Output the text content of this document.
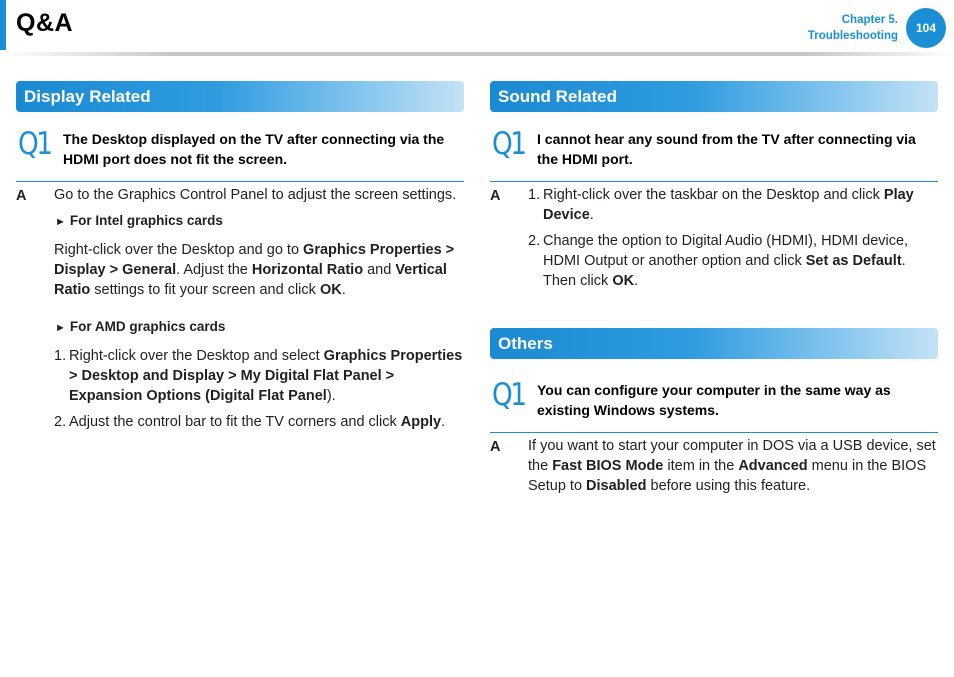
Q&A	Chapter 5.
Troubleshooting
104
Display Related
Q1 The Desktop displayed on the TV after connecting via the HDMI port does not fit the screen.
A Go to the Graphics Control Panel to adjust the screen settings.

► For Intel graphics cards

Right-click over the Desktop and go to Graphics Properties > Display > General. Adjust the Horizontal Ratio and Vertical Ratio settings to fit your screen and click OK.

► For AMD graphics cards
1. Right-click over the Desktop and select Graphics Properties > Desktop and Display > My Digital Flat Panel > Expansion Options (Digital Flat Panel).
2. Adjust the control bar to fit the TV corners and click Apply.
Sound Related
Q1 I cannot hear any sound from the TV after connecting via the HDMI port.
A 1. Right-click over the taskbar on the Desktop and click Play Device.
2. Change the option to Digital Audio (HDMI), HDMI device, HDMI Output or another option and click Set as Default. Then click OK.
Others
Q1 You can configure your computer in the same way as existing Windows systems.
A If you want to start your computer in DOS via a USB device, set the Fast BIOS Mode item in the Advanced menu in the BIOS Setup to Disabled before using this feature.
